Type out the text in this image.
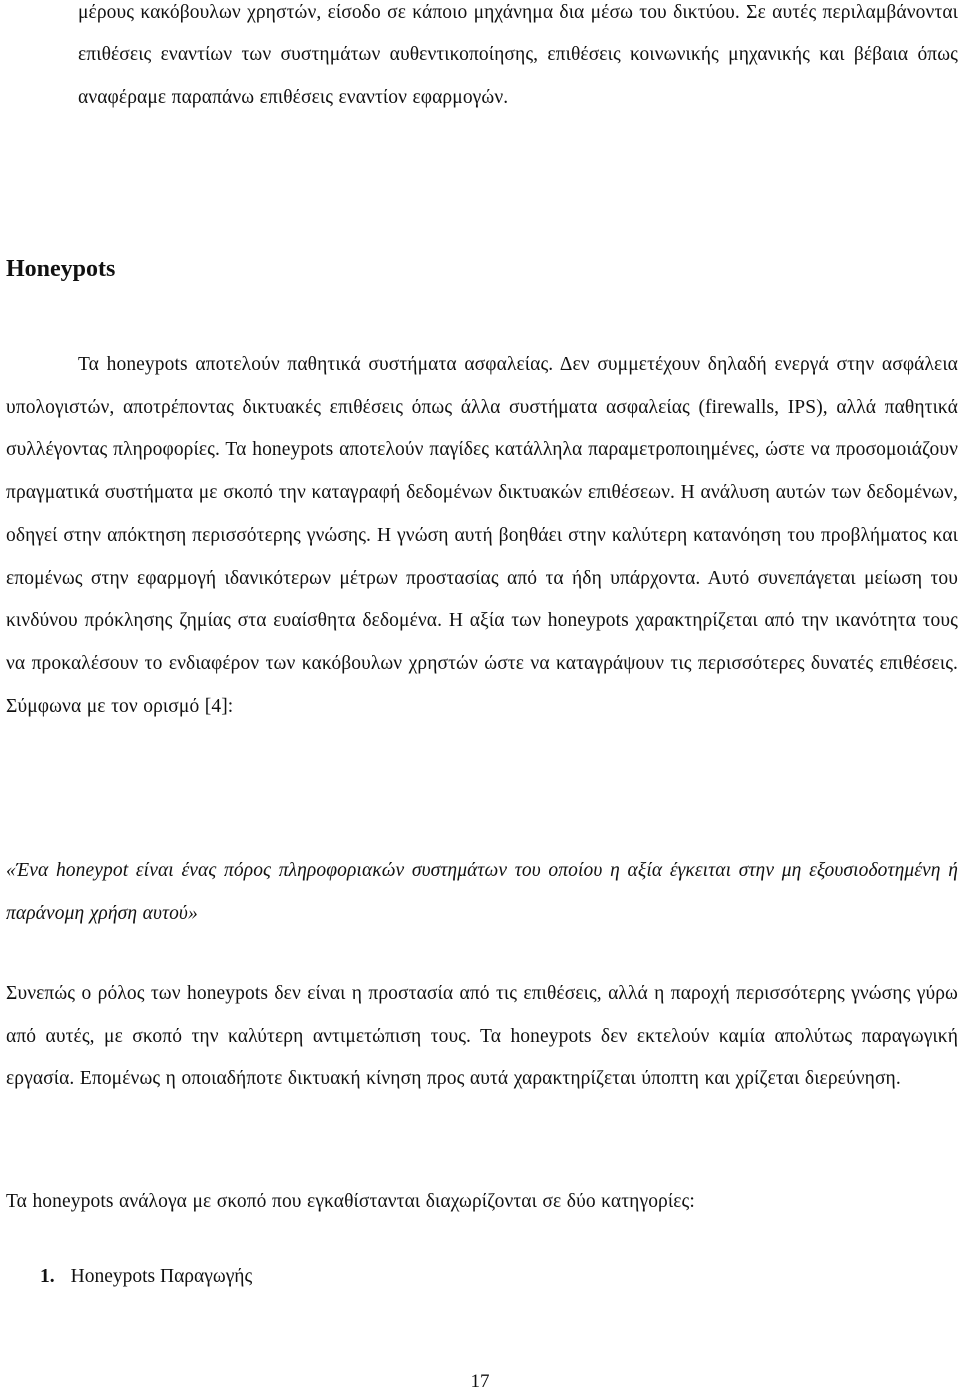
μέρους κακόβουλων χρηστών, είσοδο σε κάποιο μηχάνημα δια μέσω του δικτύου. Σε αυτές περιλαμβάνονται επιθέσεις εναντίων των συστημάτων αυθεντικοποίησης, επιθέσεις κοινωνικής μηχανικής και βέβαια όπως αναφέραμε παραπάνω επιθέσεις εναντίον εφαρμογών.

Honeypots

Τα honeypots αποτελούν παθητικά συστήματα ασφαλείας. Δεν συμμετέχουν δηλαδή ενεργά στην ασφάλεια υπολογιστών, αποτρέποντας δικτυακές επιθέσεις όπως άλλα συστήματα ασφαλείας (firewalls, IPS), αλλά παθητικά συλλέγοντας πληροφορίες. Τα honeypots αποτελούν παγίδες κατάλληλα παραμετροποιημένες, ώστε να προσομοιάζουν πραγματικά συστήματα με σκοπό την καταγραφή δεδομένων δικτυακών επιθέσεων. Η ανάλυση αυτών των δεδομένων, οδηγεί στην απόκτηση περισσότερης γνώσης. Η γνώση αυτή βοηθάει στην καλύτερη κατανόηση του προβλήματος και επομένως στην εφαρμογή ιδανικότερων μέτρων προστασίας από τα ήδη υπάρχοντα. Αυτό συνεπάγεται μείωση του κινδύνου πρόκλησης ζημίας στα ευαίσθητα δεδομένα. Η αξία των honeypots χαρακτηρίζεται από την ικανότητα τους να προκαλέσουν το ενδιαφέρον των κακόβουλων χρηστών ώστε να καταγράψουν τις περισσότερες δυνατές επιθέσεις. Σύμφωνα με τον ορισμό [4]:

«Ένα honeypot είναι ένας πόρος πληροφοριακών συστημάτων του οποίου η αξία έγκειται στην μη εξουσιοδοτημένη ή παράνομη χρήση αυτού»

Συνεπώς ο ρόλος των honeypots δεν είναι η προστασία από τις επιθέσεις, αλλά η παροχή περισσότερης γνώσης γύρω από αυτές, με σκοπό την καλύτερη αντιμετώπιση τους. Τα honeypots δεν εκτελούν καμία απολύτως παραγωγική εργασία. Επομένως η οποιαδήποτε δικτυακή κίνηση προς αυτά χαρακτηρίζεται ύποπτη και χρίζεται διερεύνηση.

Τα honeypots ανάλογα με σκοπό που εγκαθίστανται διαχωρίζονται σε δύο κατηγορίες:

1. Honeypots Παραγωγής

17
